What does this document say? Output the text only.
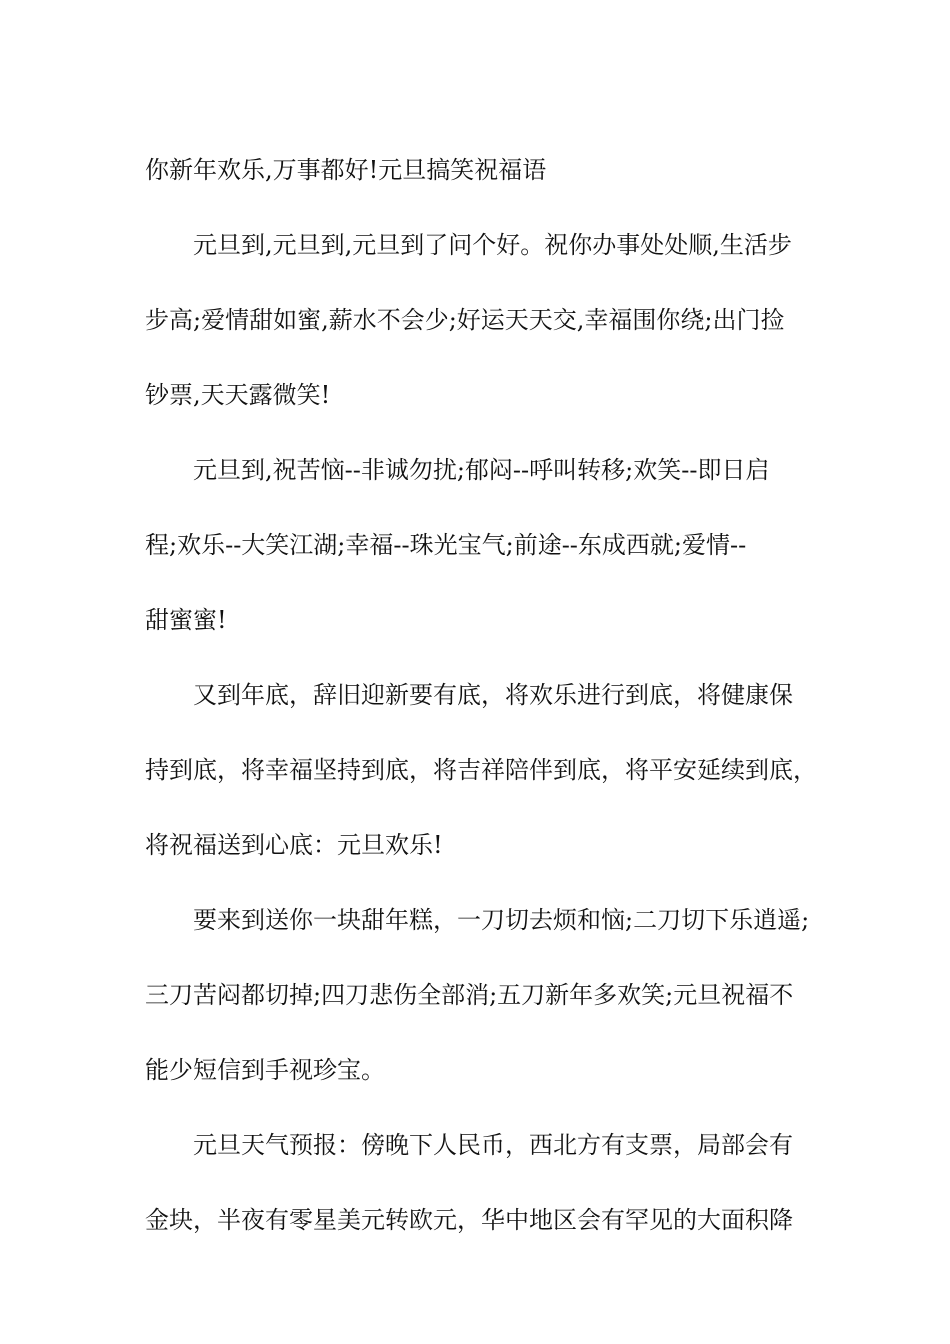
你新年欢乐,万事都好!元旦搞笑祝福语
元旦到,元旦到,元旦到了问个好。祝你办事处处顺,生活步
步高;爱情甜如蜜,薪水不会少;好运天天交,幸福围你绕;出门捡
钞票,天天露微笑!
元旦到,祝苦恼--非诚勿扰;郁闷--呼叫转移;欢笑--即日启
程;欢乐--大笑江湖;幸福--珠光宝气;前途--东成西就;爱情--
甜蜜蜜!
又到年底，辞旧迎新要有底，将欢乐进行到底，将健康保
持到底，将幸福坚持到底，将吉祥陪伴到底，将平安延续到底，
将祝福送到心底：元旦欢乐!
要来到送你一块甜年糕，一刀切去烦和恼;二刀切下乐逍遥;
三刀苦闷都切掉;四刀悲伤全部消;五刀新年多欢笑;元旦祝福不
能少短信到手视珍宝。
元旦天气预报：傍晚下人民币，西北方有支票，局部会有
金块，半夜有零星美元转欧元，华中地区会有罕见的大面积降
